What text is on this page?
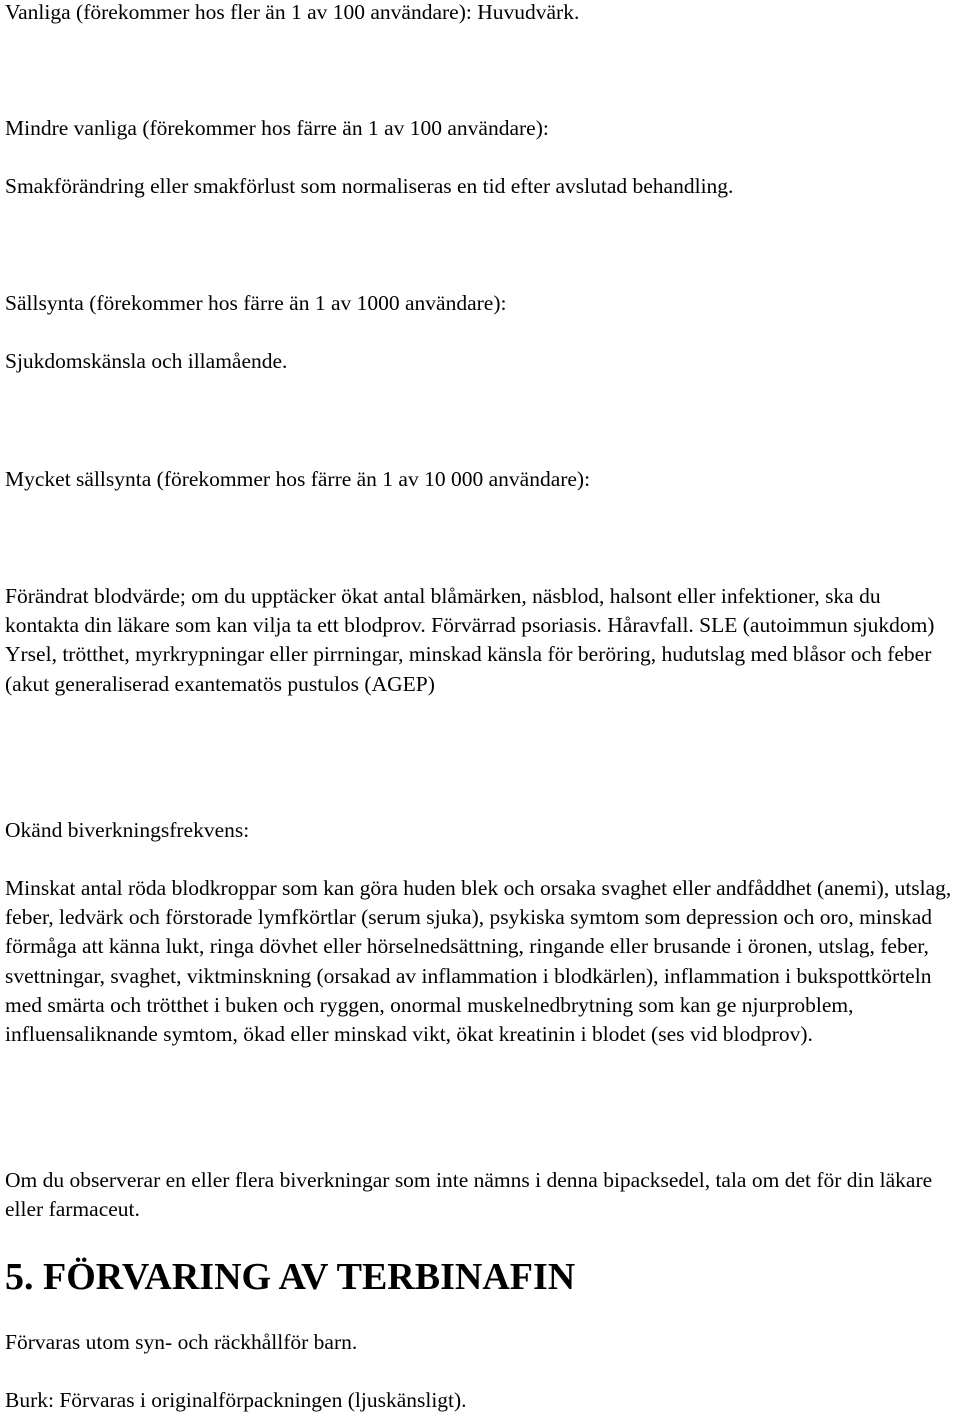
Vanliga (förekommer hos fler än 1 av 100 användare): Huvudvärk.

Mindre vanliga (förekommer hos färre än 1 av 100 användare):

Smakförändring eller smakförlust som normaliseras en tid efter avslutad behandling.

Sällsynta (förekommer hos färre än 1 av 1000 användare):

Sjukdomskänsla och illamående.

Mycket sällsynta (förekommer hos färre än 1 av 10 000 användare):

Förändrat blodvärde; om du upptäcker ökat antal blåmärken, näsblod, halsont eller infektioner, ska du kontakta din läkare som kan vilja ta ett blodprov. Förvärrad psoriasis. Håravfall. SLE (autoimmun sjukdom) Yrsel, trötthet, myrkrypningar eller pirrningar, minskad känsla för beröring, hudutslag med blåsor och feber (akut generaliserad exantematös pustulos (AGEP)

Okänd biverkningsfrekvens:

Minskat antal röda blodkroppar som kan göra huden blek och orsaka svaghet eller andfåddhet (anemi), utslag, feber, ledvärk och förstorade lymfkörtlar (serum sjuka), psykiska symtom som depression och oro, minskad förmåga att känna lukt, ringa dövhet eller hörselnedsättning, ringande eller brusande i öronen, utslag, feber, svettningar, svaghet, viktminskning (orsakad av inflammation i blodkärlen), inflammation i bukspottkörteln med smärta och trötthet i buken och ryggen, onormal muskelnedbrytning som kan ge njurproblem, influensaliknande symtom, ökad eller minskad vikt, ökat kreatinin i blodet (ses vid blodprov).

Om du observerar en eller flera biverkningar som inte nämns i denna bipacksedel, tala om det för din läkare eller farmaceut.

5. FÖRVARING AV TERBINAFIN

Förvaras utom syn- och räckhållför barn.

Burk: Förvaras i originalförpackningen (ljuskänsligt).
